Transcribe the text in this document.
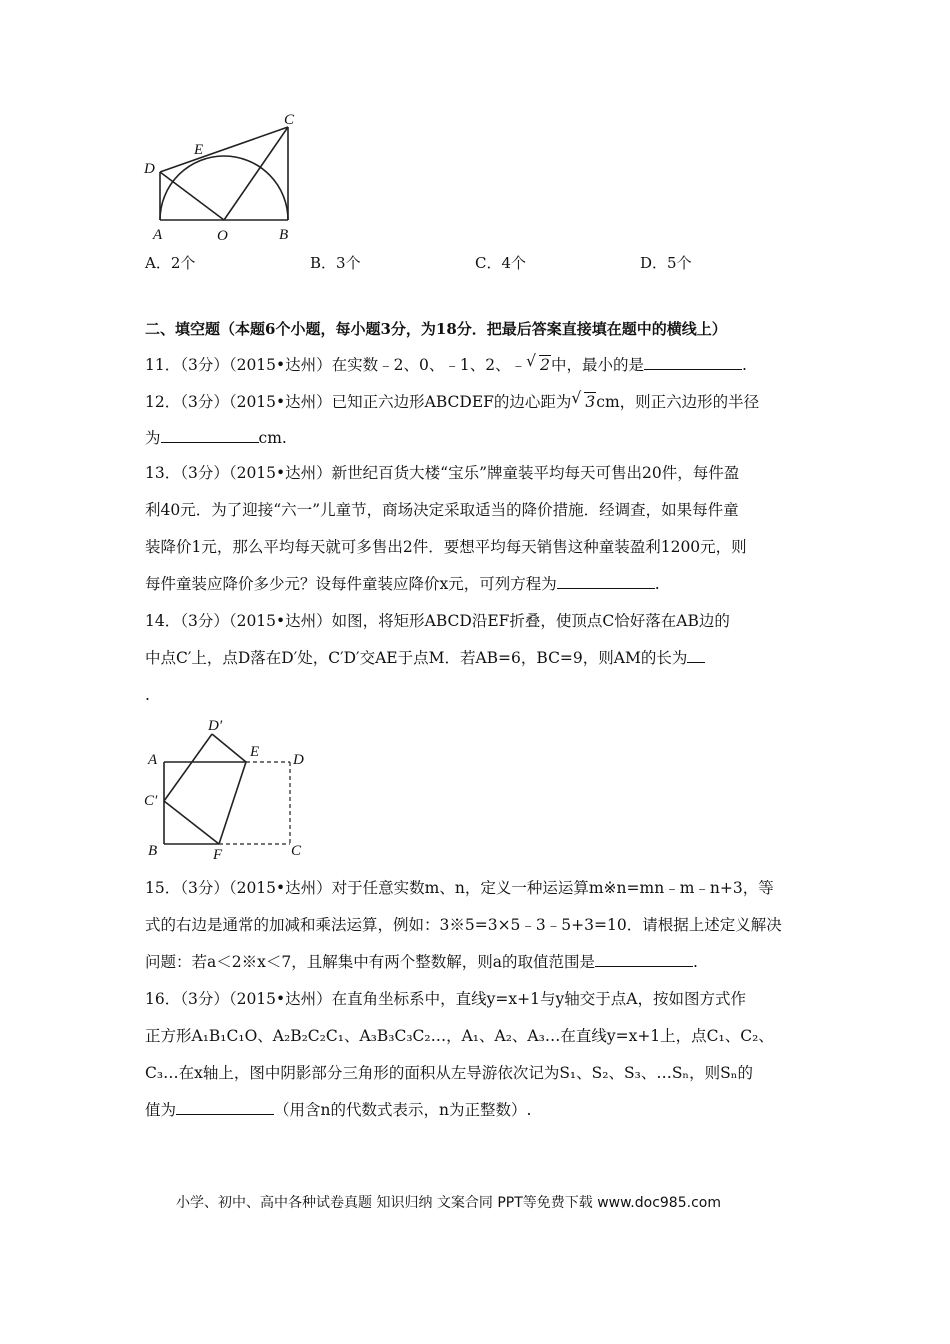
C
D
E
A	O	B
A．2个	B．3个	C．4个	D．5个
二、填空题（本题6个小题，每小题3分，为18分．把最后答案直接填在题中的横线上）
11．（3分）（2015•达州）在实数﹣2、0、﹣1、2、﹣ √ 2中，最小的是	.
12．（3分）（2015•达州）已知正六边形ABCDEF的边心距为 √ 3cm，则正六边形的半径
为	cm.
13．（3分）（2015•达州）新世纪百货大楼“宝乐”牌童装平均每天可售出20件，每件盈
利40元．为了迎接“六一”儿童节，商场决定采取适当的降价措施．经调查，如果每件童
装降价1元，那么平均每天就可多售出2件．要想平均每天销售这种童装盈利1200元，则
每件童装应降价多少元？设每件童装应降价x元，可列方程为	.
14．（3分）（2015•达州）如图，将矩形ABCD沿EF折叠，使顶点C恰好落在AB边的
中点C′上，点D落在D′处，C′D′交AE于点M．若AB=6，BC=9，则AM的长为
.
D′
A	E D
C′
B	F	C
15．（3分）（2015•达州）对于任意实数m、n，定义一种运运算m※n=mn﹣m﹣n+3，等
式的右边是通常的加减和乘法运算，例如：3※5=3×5﹣3﹣5+3=10．请根据上述定义解决
问题：若a＜2※x＜7，且解集中有两个整数解，则a的取值范围是	.
16．（3分）（2015•达州）在直角坐标系中，直线y=x+1与y轴交于点A，按如图方式作
正方形A₁B₁C₁O、A₂B₂C₂C₁、A₃B₃C₃C₂…，A₁、A₂、A₃…在直线y=x+1上，点C₁、C₂、
C₃…在x轴上，图中阴影部分三角形的面积从左导游依次记为S₁、S₂、S₃、…Sₙ，则Sₙ的
值为	（用含n的代数式表示，n为正整数）.
小学、初中、高中各种试卷真题 知识归纳 文案合同 PPT等免费下载 www.doc985.com
